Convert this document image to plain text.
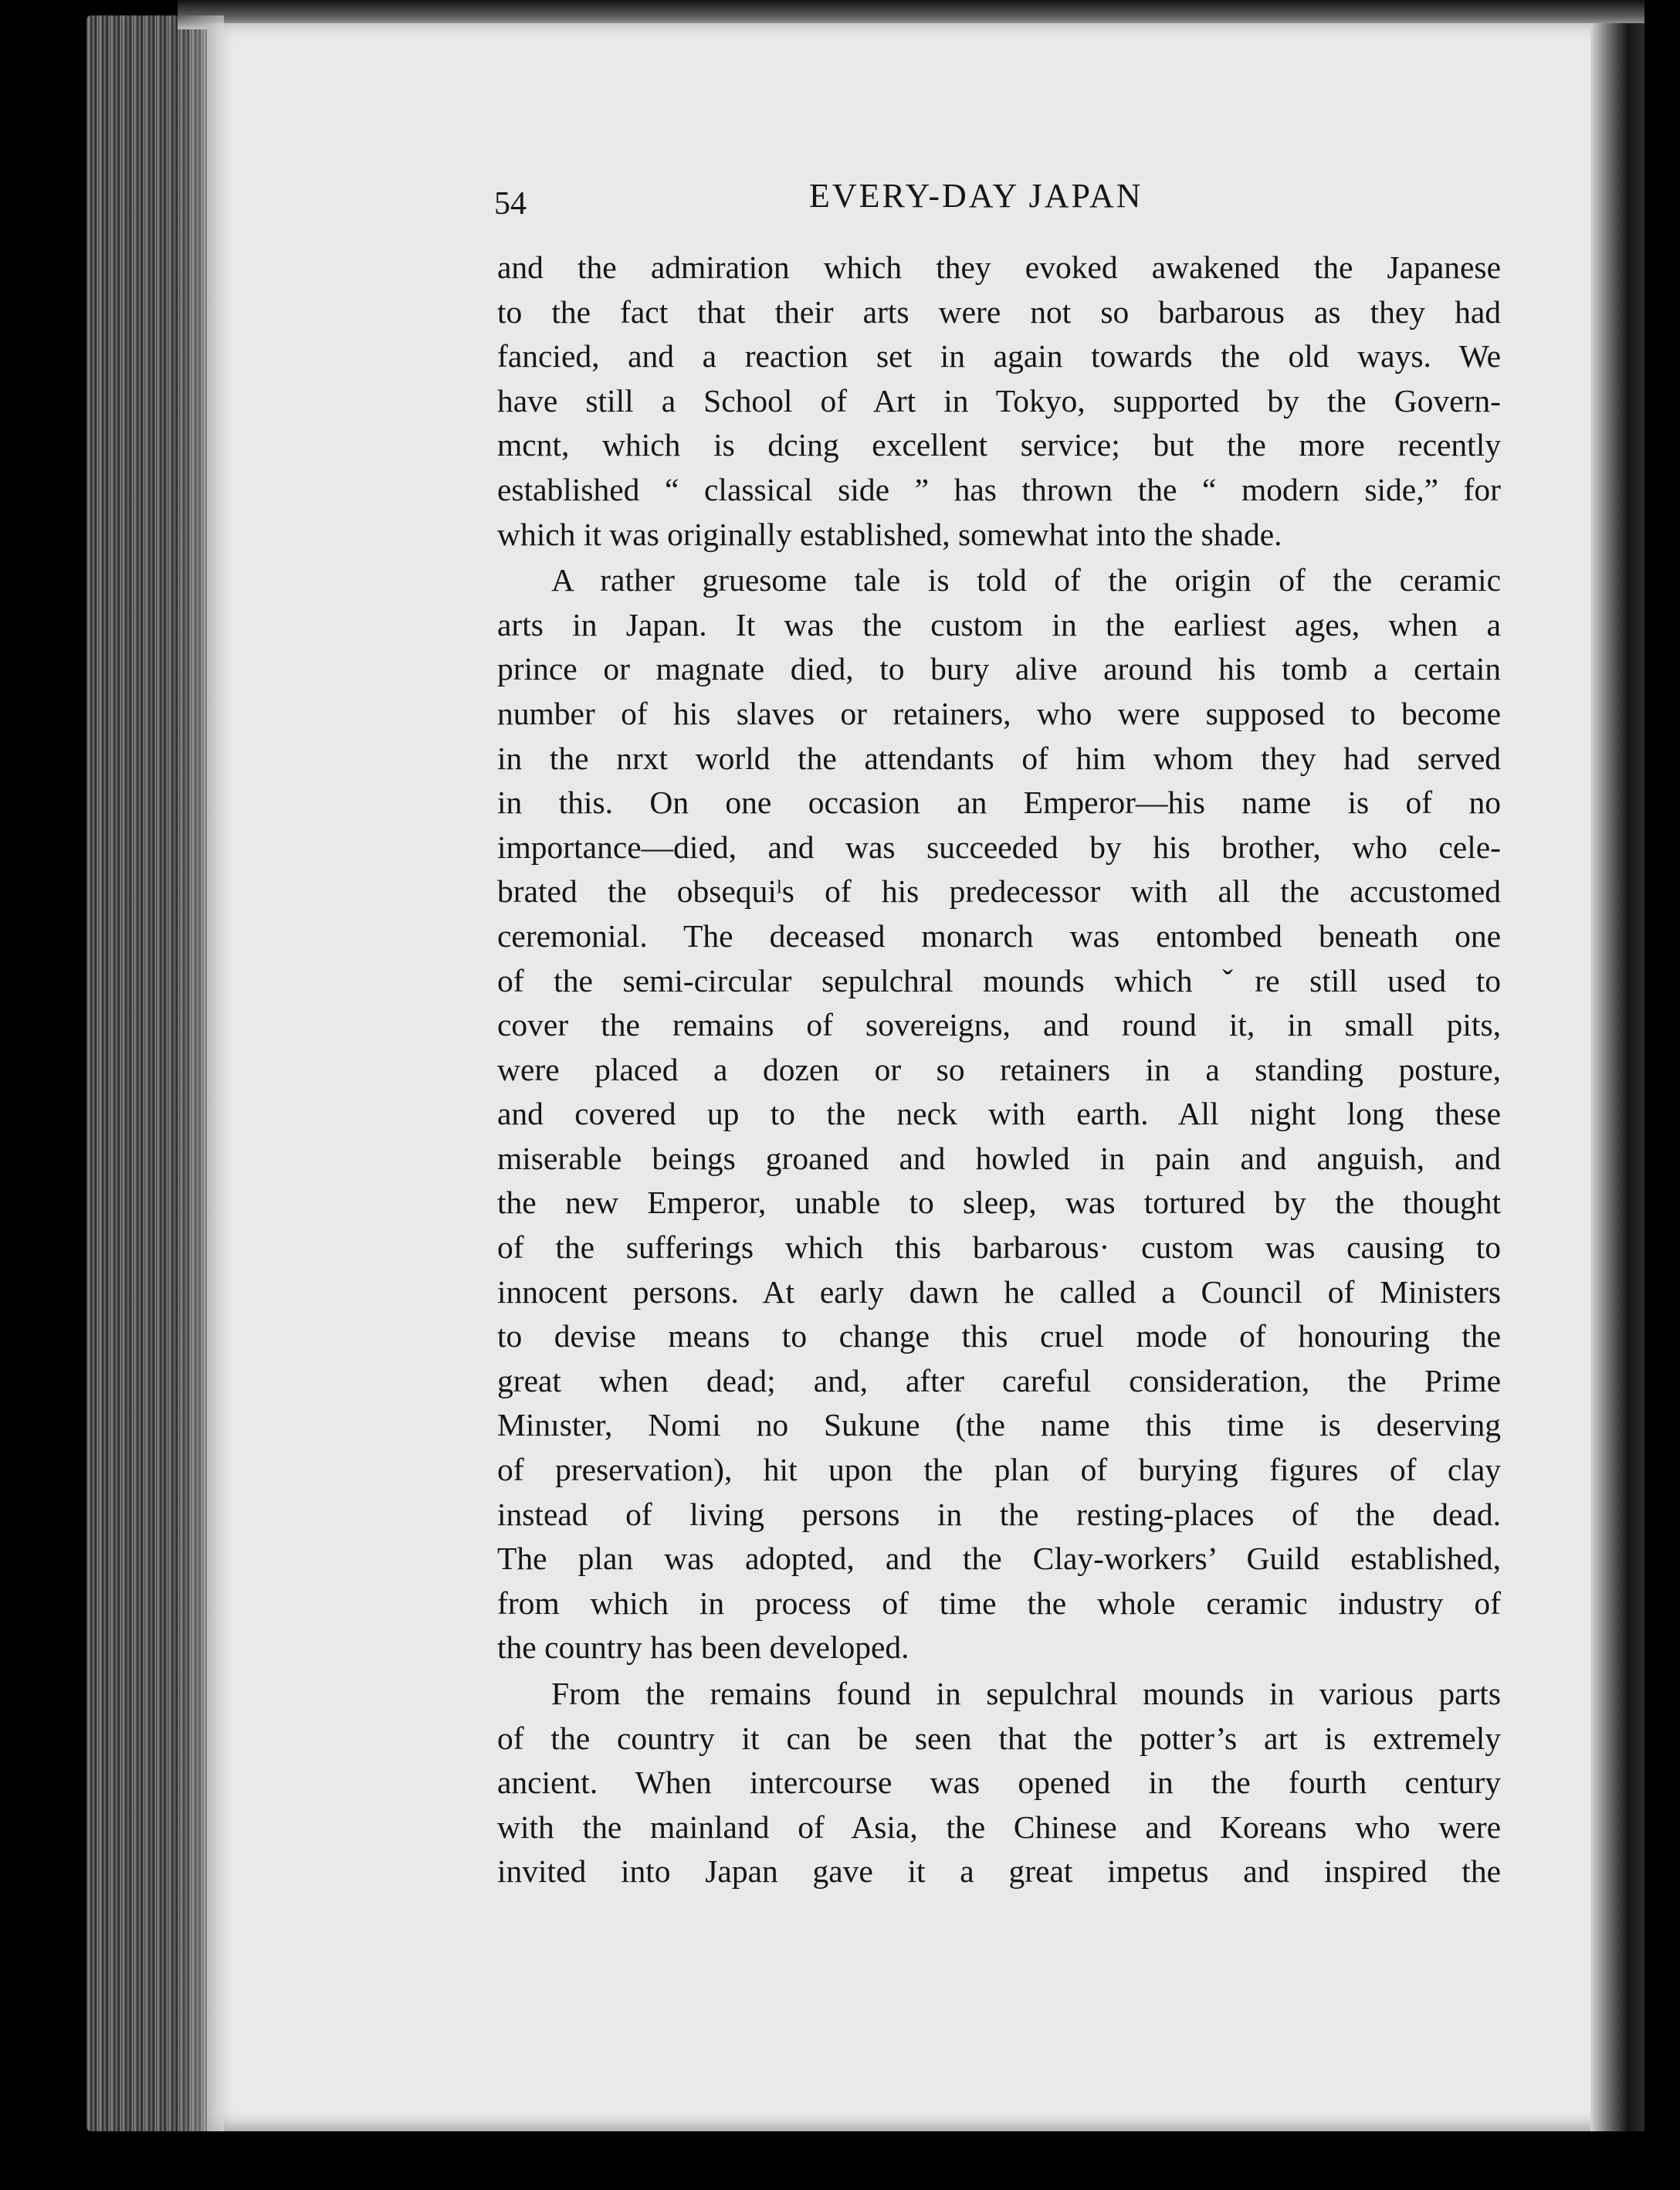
54	EVERY-DAY JAPAN

and the admiration which they evoked awakened the Japanese
to the fact that their arts were not so barbarous as they had
fancied, and a reaction set in again towards the old ways. We
have still a School of Art in Tokyo, supported by the Govern-
mcnt, which is dcing excellent service; but the more recently
established “ classical side ” has thrown the “ modern side,” for
which it was originally established, somewhat into the shade.

A rather gruesome tale is told of the origin of the ceramic
arts in Japan. It was the custom in the earliest ages, when a
prince or magnate died, to bury alive around his tomb a certain
number of his slaves or retainers, who were supposed to become
in the nrxt world the attendants of him whom they had served
in this. On one occasion an Emperor—his name is of no
importance—died, and was succeeded by his brother, who cele-
brated the obsequiˡs of his predecessor with all the accustomed
ceremonial. The deceased monarch was entombed beneath one
of the semi-circular sepulchral mounds which ˇre still used to
cover the remains of sovereigns, and round it, in small pits,
were placed a dozen or so retainers in a standing posture,
and covered up to the neck with earth. All night long these
miserable beings groaned and howled in pain and anguish, and
the new Emperor, unable to sleep, was tortured by the thought
of the sufferings which this barbarous· custom was causing to
innocent persons. At early dawn he called a Council of Ministers
to devise means to change this cruel mode of honouring the
great when dead; and, after careful consideration, the Prime
Minıster, Nomi no Sukune (the name this time is deserving
of preservation), hit upon the plan of burying figures of clay
instead of living persons in the resting-places of the dead.
The plan was adopted, and the Clay-workers’ Guild established,
from which in process of time the whole ceramic industry of
the country has been developed.

From the remains found in sepulchral mounds in various parts
of the country it can be seen that the potter’s art is extremely
ancient. When intercourse was opened in the fourth century
with the mainland of Asia, the Chinese and Koreans who were
invited into Japan gave it a great impetus and inspired the
